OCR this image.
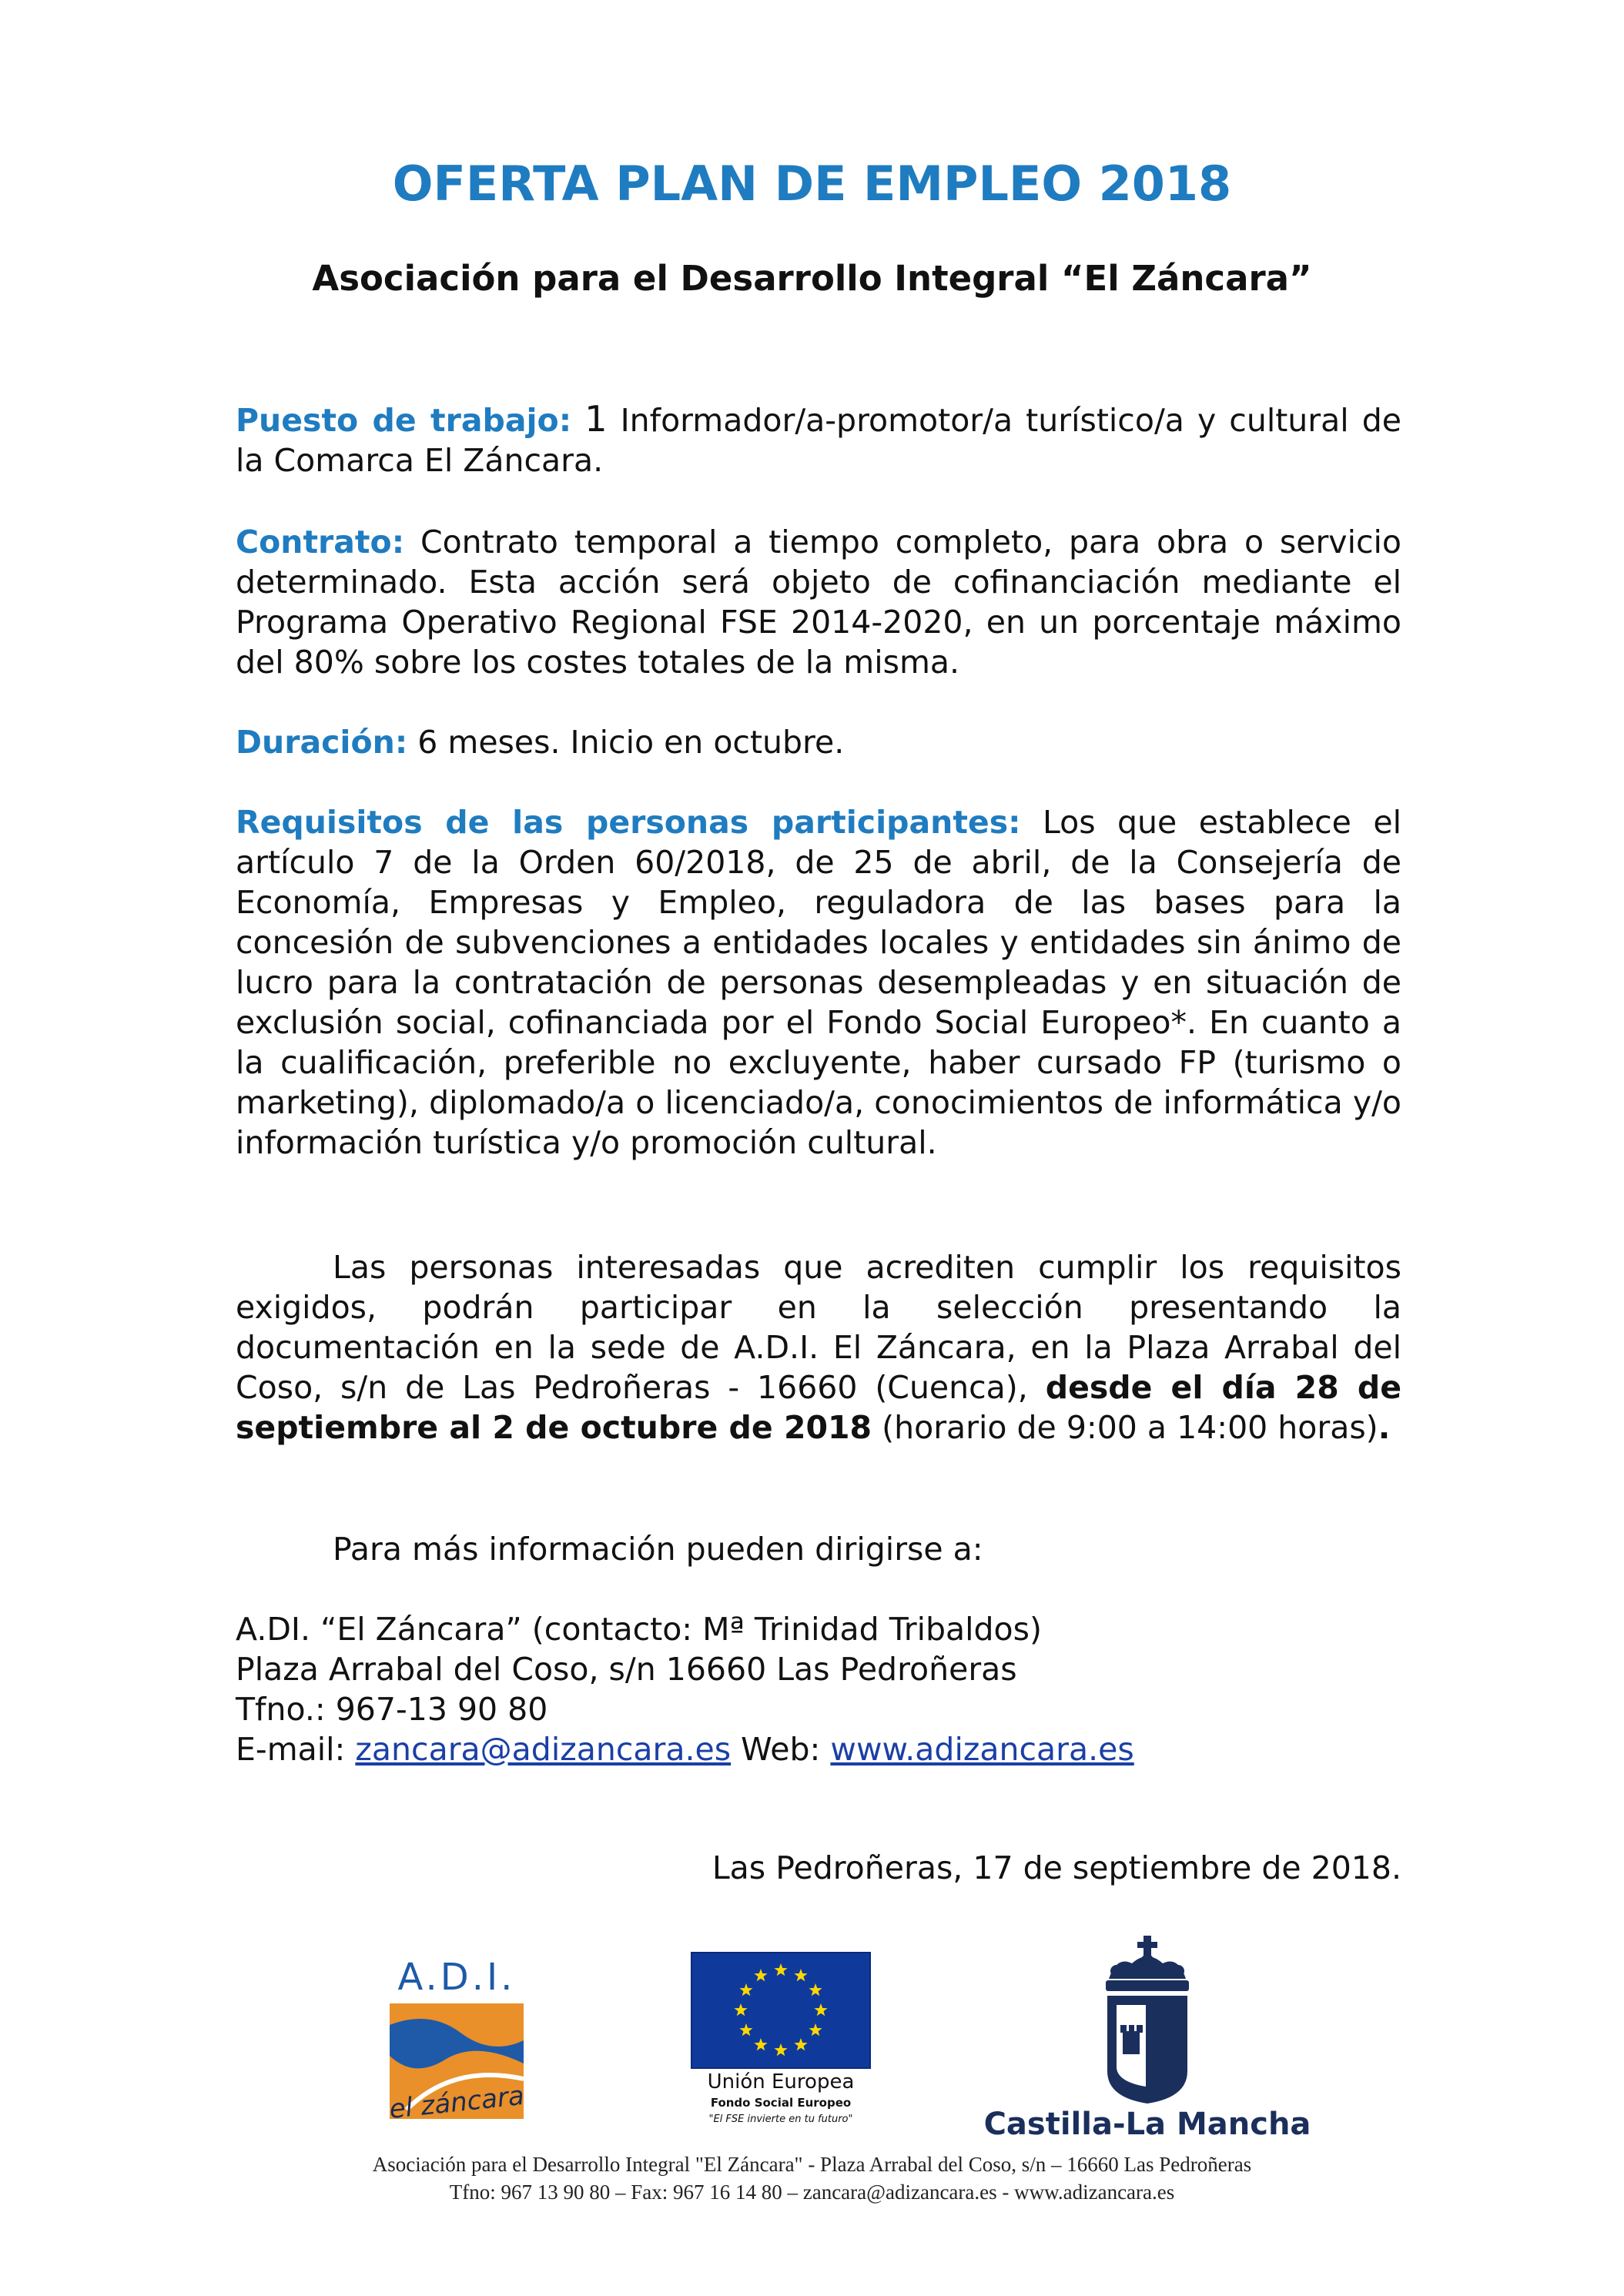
OFERTA PLAN DE EMPLEO 2018
Asociación para el Desarrollo Integral “El Záncara”

Puesto de trabajo: 1 Informador/a-promotor/a turístico/a y cultural de la Comarca El Záncara.

Contrato: Contrato temporal a tiempo completo, para obra o servicio determinado. Esta acción será objeto de cofinanciación mediante el Programa Operativo Regional FSE 2014-2020, en un porcentaje máximo del 80% sobre los costes totales de la misma.

Duración: 6 meses. Inicio en octubre.

Requisitos de las personas participantes: Los que establece el artículo 7 de la Orden 60/2018, de 25 de abril, de la Consejería de Economía, Empresas y Empleo, reguladora de las bases para la concesión de subvenciones a entidades locales y entidades sin ánimo de lucro para la contratación de personas desempleadas y en situación de exclusión social, cofinanciada por el Fondo Social Europeo*. En cuanto a la cualificación, preferible no excluyente, haber cursado FP (turismo o marketing), diplomado/a o licenciado/a, conocimientos de informática y/o información turística y/o promoción cultural.

Las personas interesadas que acrediten cumplir los requisitos exigidos, podrán participar en la selección presentando la documentación en la sede de A.D.I. El Záncara, en la Plaza Arrabal del Coso, s/n de Las Pedroñeras - 16660 (Cuenca), desde el día 28 de septiembre al 2 de octubre de 2018 (horario de 9:00 a 14:00 horas).

Para más información pueden dirigirse a:

A.DI. “El Záncara” (contacto: Mª Trinidad Tribaldos)
Plaza Arrabal del Coso, s/n 16660 Las Pedroñeras
Tfno.: 967-13 90 80
E-mail: zancara@adizancara.es Web: www.adizancara.es

Las Pedroñeras, 17 de septiembre de 2018.

A.D.I.
el záncara	Unión Europea
Fondo Social Europeo
"El FSE invierte en tu futuro"	Castilla-La Mancha

Asociación para el Desarrollo Integral "El Záncara" - Plaza Arrabal del Coso, s/n – 16660 Las Pedroñeras

Tfno: 967 13 90 80 – Fax: 967 16 14 80 – zancara@adizancara.es - www.adizancara.es
